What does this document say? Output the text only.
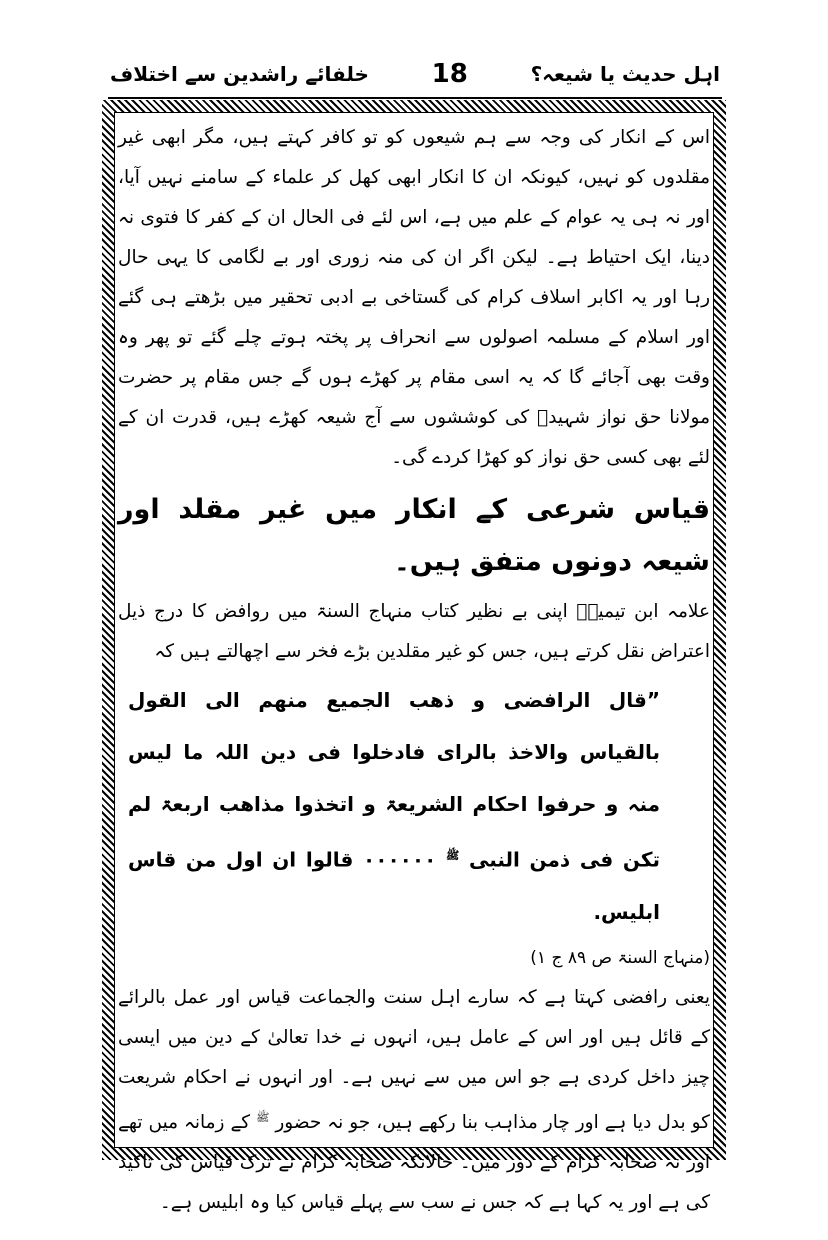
اہل حدیث یا شیعہ؟
18
خلفائے راشدین سے اختلاف

اس کے انکار کی وجہ سے ہم شیعوں کو تو کافر کہتے ہیں، مگر ابھی غیر مقلدوں کو نہیں، کیونکہ ان کا انکار ابھی کھل کر علماء کے سامنے نہیں آیا، اور نہ ہی یہ عوام کے علم میں ہے، اس لئے فی الحال ان کے کفر کا فتوی نہ دینا، ایک احتیاط ہے۔ لیکن اگر ان کی منہ زوری اور بے لگامی کا یہی حال رہا اور یہ اکابر اسلاف کرام کی گستاخی بے ادبی تحقیر میں بڑھتے ہی گئے اور اسلام کے مسلمہ اصولوں سے انحراف پر پختہ ہوتے چلے گئے تو پھر وہ وقت بھی آجائے گا کہ یہ اسی مقام پر کھڑے ہوں گے جس مقام پر حضرت مولانا حق نواز شہیدؒ کی کوششوں سے آج شیعہ کھڑے ہیں، قدرت ان کے لئے بھی کسی حق نواز کو کھڑا کردے گی۔

قیاس شرعی کے انکار میں غیر مقلد اور شیعہ دونوں متفق ہیں۔

علامہ ابن تیمیہؒ اپنی بے نظیر کتاب منہاج السنۃ میں روافض کا درج ذیل اعتراض نقل کرتے ہیں، جس کو غیر مقلدین بڑے فخر سے اچھالتے ہیں کہ

”قال الرافضی و ذھب الجمیع منھم الی القول بالقیاس والاخذ بالرای فادخلوا فی دین اللہ ما لیس منہ و حرفوا احکام الشریعۃ و اتخذوا مذاھب اربعۃ لم تکن فی ذمن النبی $^ﷺ$ ۰۰۰۰۰۰ قالوا ان اول من قاس ابلیس.

(منہاج السنۃ ص ۸۹ ج ۱)

یعنی رافضی کہتا ہے کہ سارے اہل سنت والجماعت قیاس اور عمل بالرائے کے قائل ہیں اور اس کے عامل ہیں، انہوں نے خدا تعالیٰ کے دین میں ایسی چیز داخل کردی ہے جو اس میں سے نہیں ہے۔ اور انہوں نے احکام شریعت کو بدل دیا ہے اور چار مذاہب بنا رکھے ہیں، جو نہ حضور $^ﷺ$ کے زمانہ میں تھے اور نہ صحابہ کرام کے دور میں۔ حالانکہ صحابہ کرام نے ترک قیاس کی تاکید کی ہے اور یہ کہا ہے کہ جس نے سب سے پہلے قیاس کیا وہ ابلیس ہے۔
